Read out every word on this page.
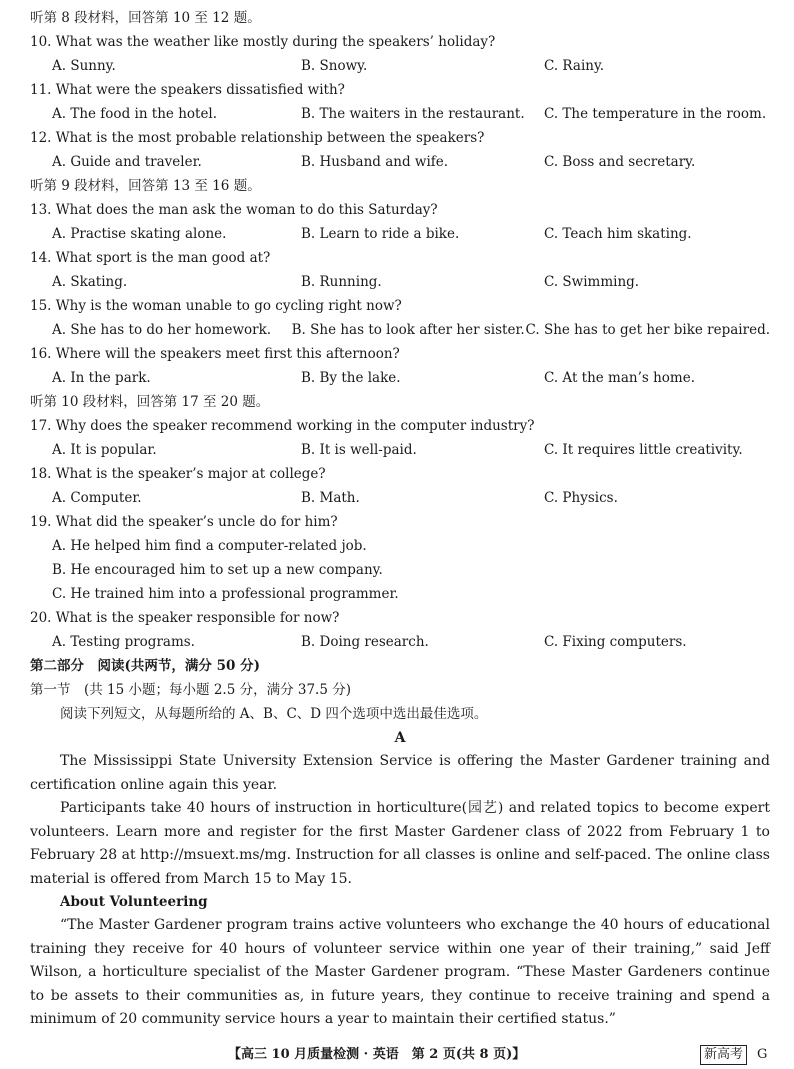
听第 8 段材料，回答第 10 至 12 题。
10. What was the weather like mostly during the speakers’ holiday?
A. Sunny.	B. Snowy.	C. Rainy.
11. What were the speakers dissatisfied with?
A. The food in the hotel.	B. The waiters in the restaurant.	C. The temperature in the room.
12. What is the most probable relationship between the speakers?
A. Guide and traveler.	B. Husband and wife.	C. Boss and secretary.
听第 9 段材料，回答第 13 至 16 题。
13. What does the man ask the woman to do this Saturday?
A. Practise skating alone.	B. Learn to ride a bike.	C. Teach him skating.
14. What sport is the man good at?
A. Skating.	B. Running.	C. Swimming.
15. Why is the woman unable to go cycling right now?
A. She has to do her homework.	B. She has to look after her sister. C. She has to get her bike repaired.
16. Where will the speakers meet first this afternoon?
A. In the park.	B. By the lake.	C. At the man’s home.
听第 10 段材料，回答第 17 至 20 题。
17. Why does the speaker recommend working in the computer industry?
A. It is popular.	B. It is well-paid.	C. It requires little creativity.
18. What is the speaker’s major at college?
A. Computer.	B. Math.	C. Physics.
19. What did the speaker’s uncle do for him?
A. He helped him find a computer-related job.
B. He encouraged him to set up a new company.
C. He trained him into a professional programmer.
20. What is the speaker responsible for now?
A. Testing programs.	B. Doing research.	C. Fixing computers.
第二部分　阅读(共两节，满分 50 分)
第一节　(共 15 小题；每小题 2.5 分，满分 37.5 分)
阅读下列短文，从每题所给的 A、B、C、D 四个选项中选出最佳选项。
A

The Mississippi State University Extension Service is offering the Master Gardener training and certification online again this year.

Participants take 40 hours of instruction in horticulture(园艺) and related topics to become expert volunteers. Learn more and register for the first Master Gardener class of 2022 from February 1 to February 28 at http://msuext.ms/mg. Instruction for all classes is online and self-paced. The online class material is offered from March 15 to May 15.

About Volunteering

“The Master Gardener program trains active volunteers who exchange the 40 hours of educational training they receive for 40 hours of volunteer service within one year of their training,” said Jeff Wilson, a horticulture specialist of the Master Gardener program. “These Master Gardeners continue to be assets to their communities as, in future years, they continue to receive training and spend a minimum of 20 community service hours a year to maintain their certified status.”

【高三 10 月质量检测 · 英语　第 2 页(共 8 页)】	新高考	G
